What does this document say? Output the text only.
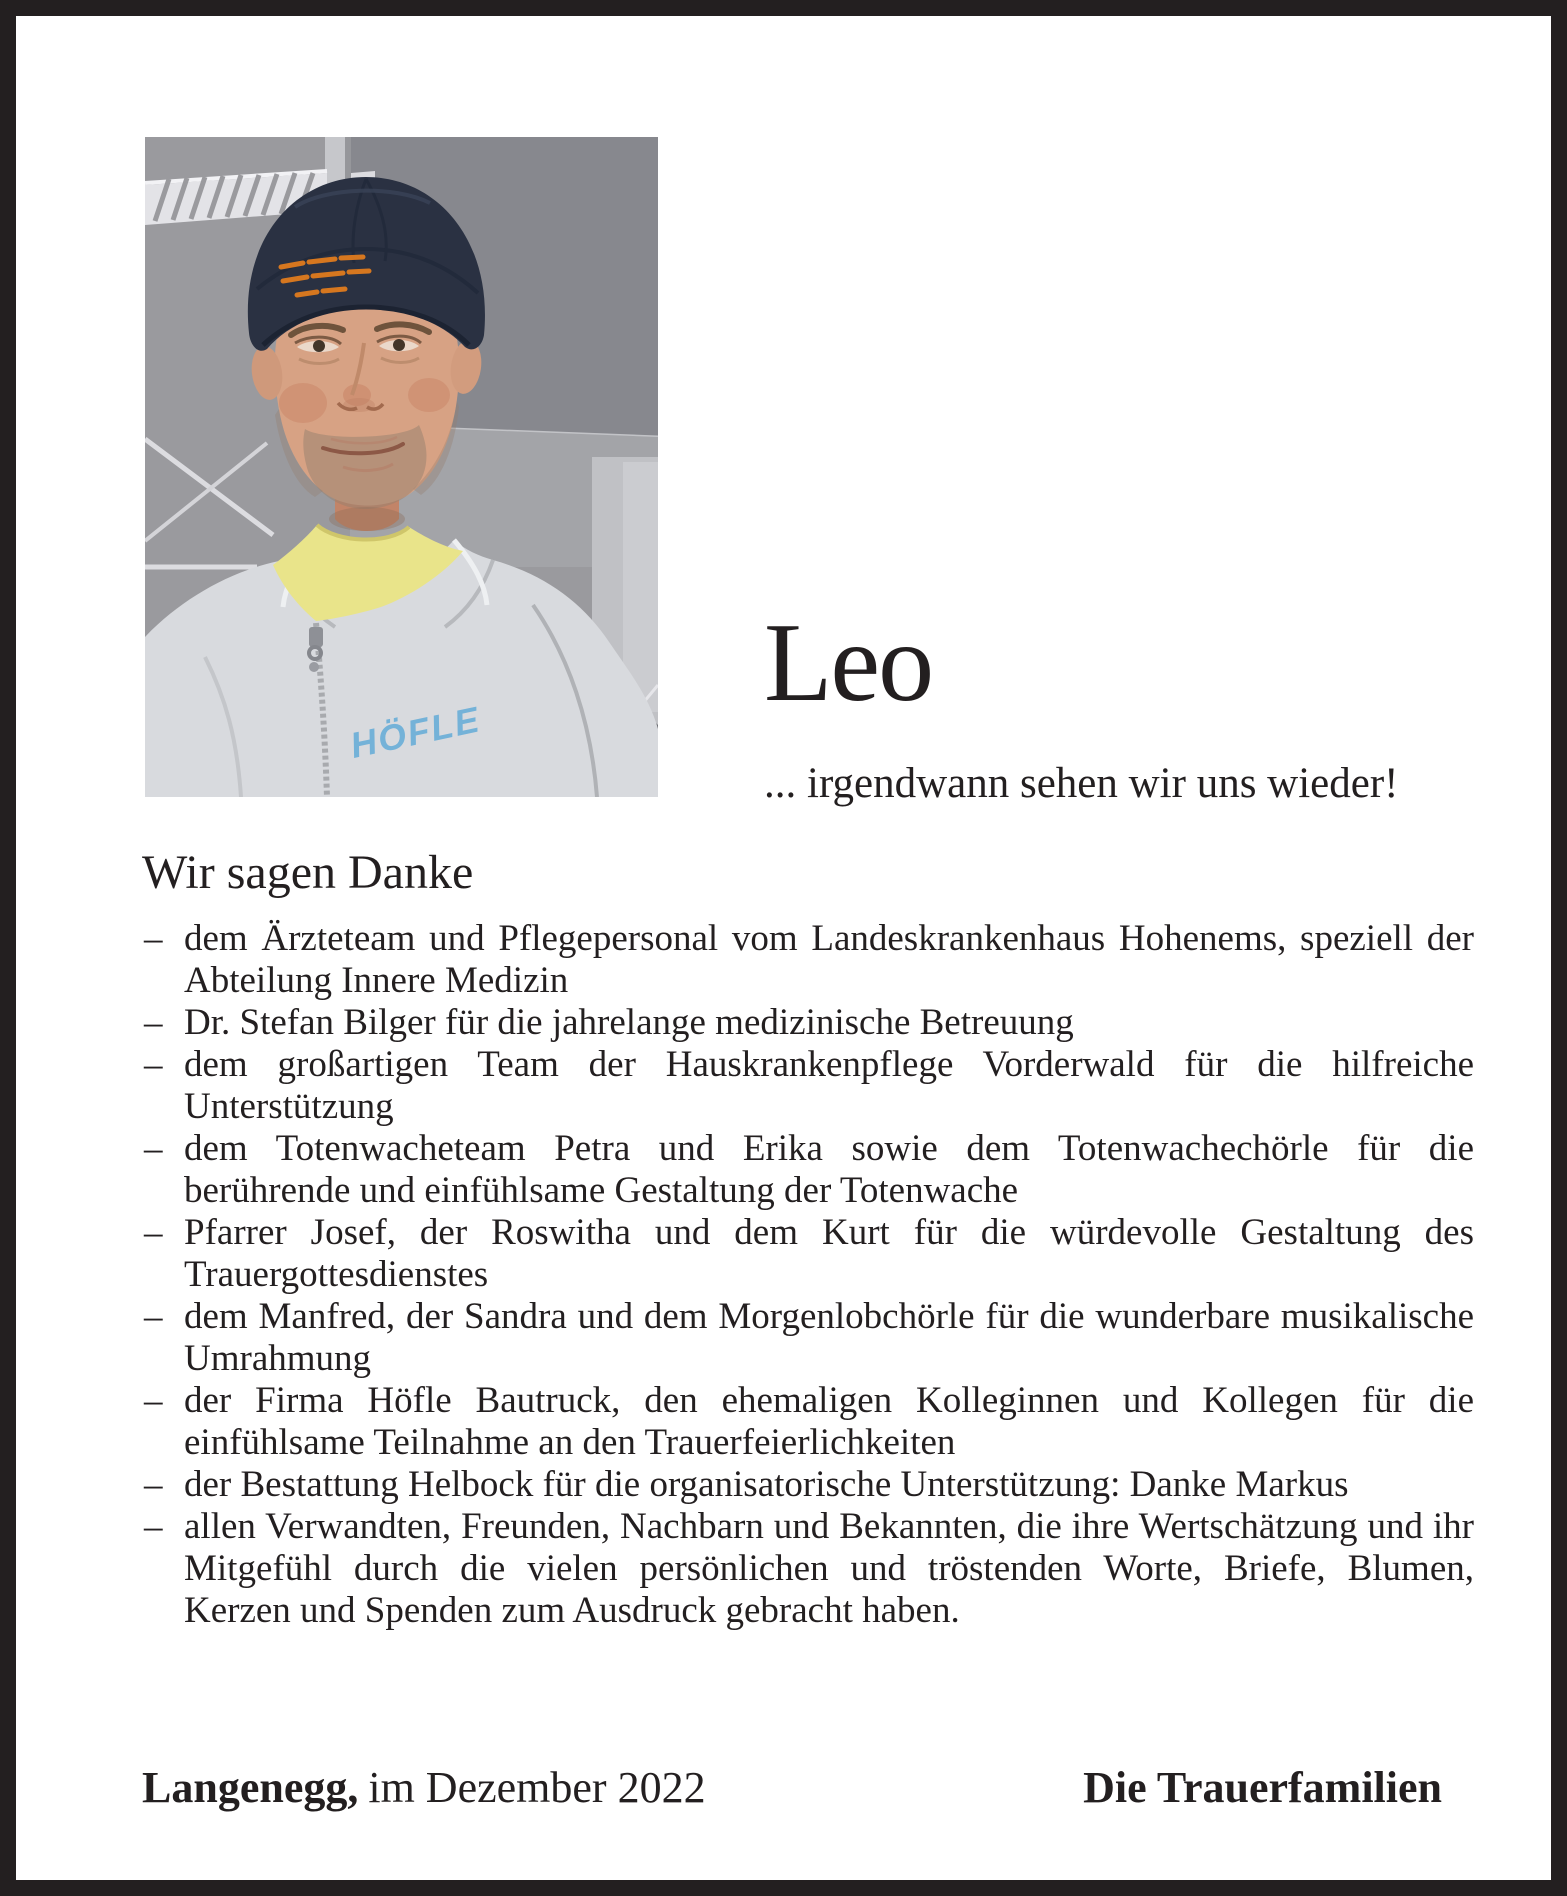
HÖFLE
Leo
... irgendwann sehen wir uns wieder!
Wir sagen Danke
– dem Ärzteteam und Pflegepersonal vom Landeskrankenhaus Hohenems, speziell der Abteilung Innere Medizin
– Dr. Stefan Bilger für die jahrelange medizinische Betreuung
– dem großartigen Team der Hauskrankenpflege Vorderwald für die hilfreiche Unterstützung
– dem Totenwacheteam Petra und Erika sowie dem Totenwachechörle für die berührende und einfühlsame Gestaltung der Totenwache
– Pfarrer Josef, der Roswitha und dem Kurt für die würdevolle Gestaltung des Trauergottesdienstes
– dem Manfred, der Sandra und dem Morgenlobchörle für die wunderbare musikalische Umrahmung
– der Firma Höfle Bautruck, den ehemaligen Kolleginnen und Kollegen für die einfühlsame Teilnahme an den Trauerfeierlichkeiten
– der Bestattung Helbock für die organisatorische Unterstützung: Danke Markus
– allen Verwandten, Freunden, Nachbarn und Bekannten, die ihre Wertschätzung und ihr Mitgefühl durch die vielen persönlichen und tröstenden Worte, Briefe, Blumen, Kerzen und Spenden zum Ausdruck gebracht haben.
Langenegg, im Dezember 2022	Die Trauerfamilien
